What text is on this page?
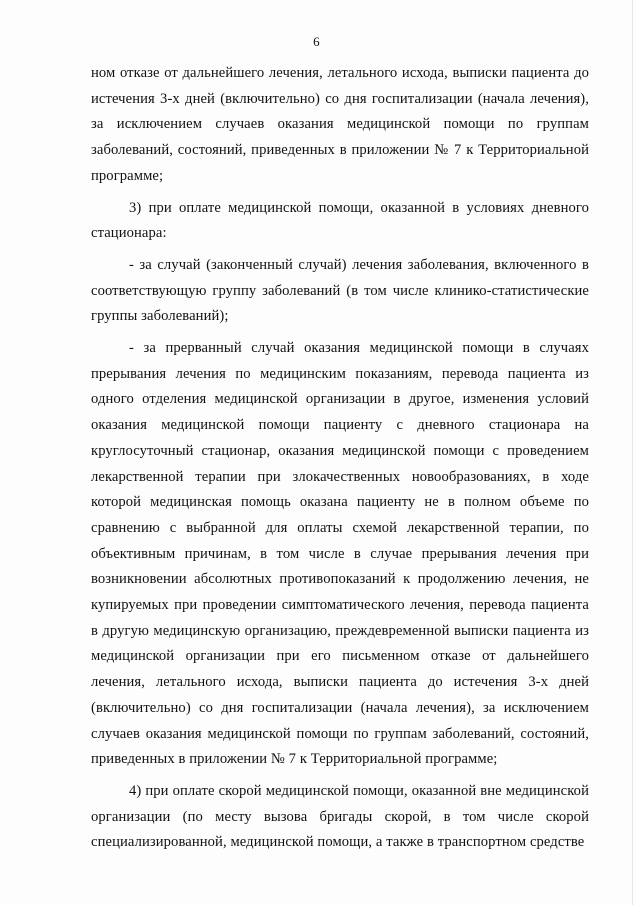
6

ном отказе от дальнейшего лечения, летального исхода, выписки пациента до истечения 3-х дней (включительно) со дня госпитализации (начала лечения), за исключением случаев оказания медицинской помощи по группам заболеваний, состояний, приведенных в приложении № 7 к Территориальной программе;

3) при оплате медицинской помощи, оказанной в условиях дневного стационара:

- за случай (законченный случай) лечения заболевания, включенного в соответствующую группу заболеваний (в том числе клинико-статистические группы заболеваний);

- за прерванный случай оказания медицинской помощи в случаях прерывания лечения по медицинским показаниям, перевода пациента из одного отделения медицинской организации в другое, изменения условий оказания медицинской помощи пациенту с дневного стационара на круглосуточный стационар, оказания медицинской помощи с проведением лекарственной терапии при злокачественных новообразованиях, в ходе которой медицинская помощь оказана пациенту не в полном объеме по сравнению с выбранной для оплаты схемой лекарственной терапии, по объективным причинам, в том числе в случае прерывания лечения при возникновении абсолютных противопоказаний к продолжению лечения, не купируемых при проведении симптоматического лечения, перевода пациента в другую медицинскую организацию, преждевременной выписки пациента из медицинской организации при его письменном отказе от дальнейшего лечения, летального исхода, выписки пациента до истечения 3-х дней (включительно) со дня госпитализации (начала лечения), за исключением случаев оказания медицинской помощи по группам заболеваний, состояний, приведенных в приложении № 7 к Территориальной программе;

4) при оплате скорой медицинской помощи, оказанной вне медицинской организации (по месту вызова бригады скорой, в том числе скорой специализированной, медицинской помощи, а также в транспортном средстве
